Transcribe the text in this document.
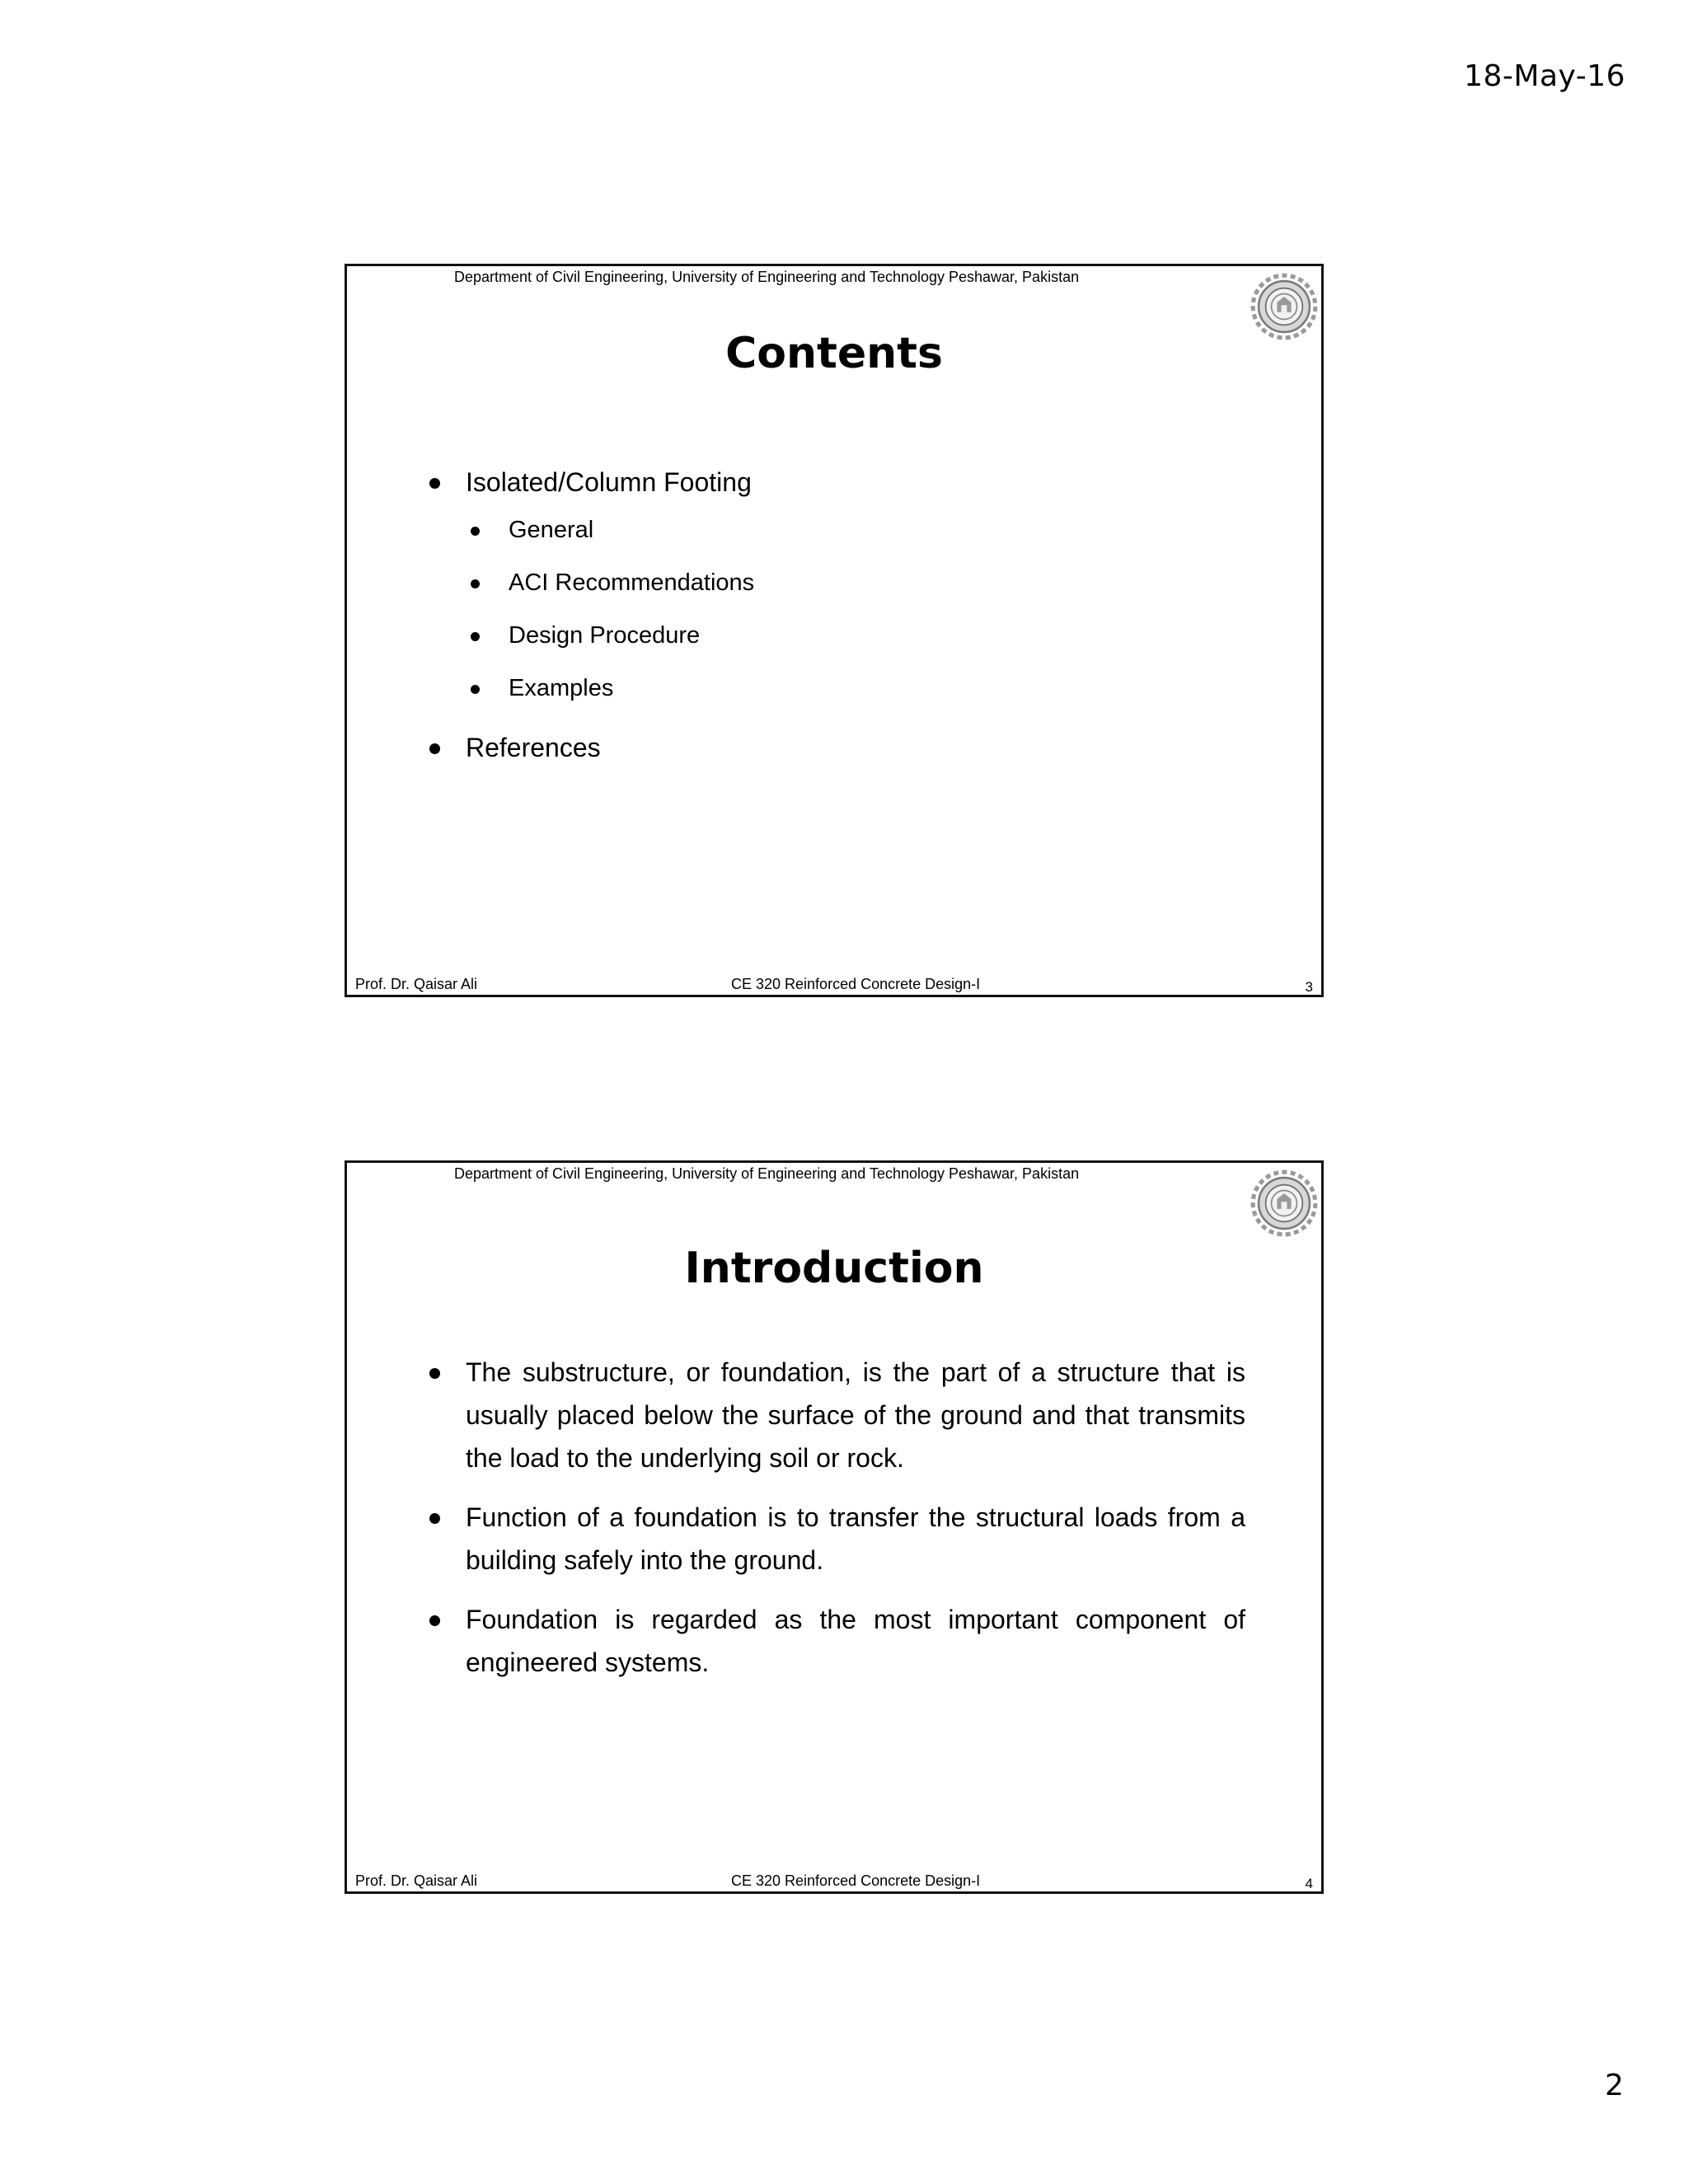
18-May-16
Department of Civil Engineering, University of Engineering and Technology Peshawar, Pakistan
Contents
Isolated/Column Footing
General
ACI Recommendations
Design Procedure
Examples
References
Prof. Dr. Qaisar Ali	CE 320 Reinforced Concrete Design-I	3
Department of Civil Engineering, University of Engineering and Technology Peshawar, Pakistan
Introduction
The substructure, or foundation, is the part of a structure that is usually placed below the surface of the ground and that transmits the load to the underlying soil or rock.
Function of a foundation is to transfer the structural loads from a building safely into the ground.
Foundation is regarded as the most important component of engineered systems.
Prof. Dr. Qaisar Ali	CE 320 Reinforced Concrete Design-I	4
2
